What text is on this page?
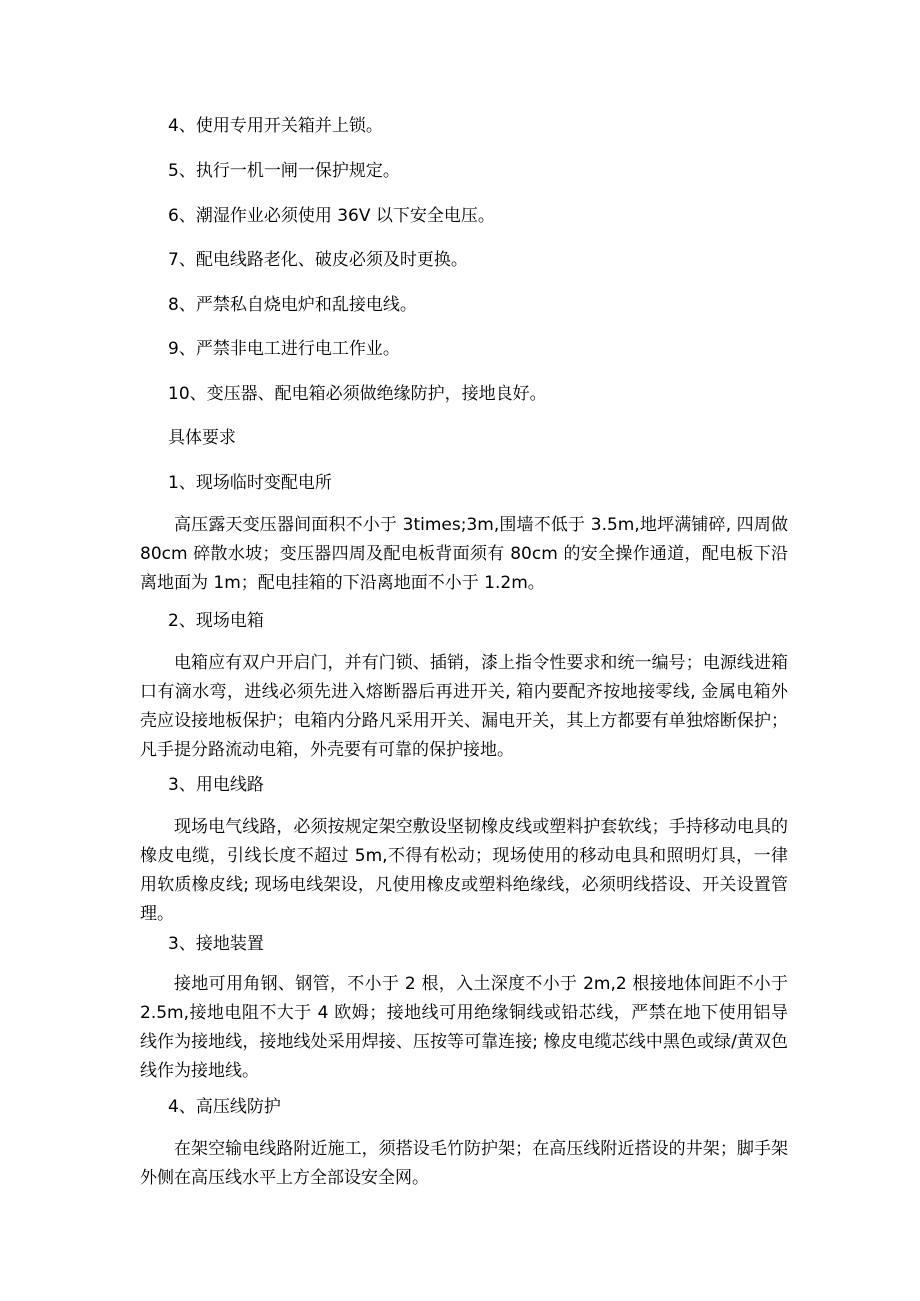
4、使用专用开关箱并上锁。
5、执行一机一闸一保护规定。
6、潮湿作业必须使用 36V 以下安全电压。
7、配电线路老化、破皮必须及时更换。
8、严禁私自烧电炉和乱接电线。
9、严禁非电工进行电工作业。
10、变压器、配电箱必须做绝缘防护，接地良好。
具体要求
1、现场临时变配电所
高压露天变压器间面积不小于 3times;3m,围墙不低于 3.5m,地坪满铺碎, 四周做 80cm 碎散水坡；变压器四周及配电板背面须有 80cm 的安全操作通道，配电板下沿离地面为 1m；配电挂箱的下沿离地面不小于 1.2m。
2、现场电箱
电箱应有双户开启门，并有门锁、插销，漆上指令性要求和统一编号；电源线进箱口有滴水弯，进线必须先进入熔断器后再进开关, 箱内要配齐按地接零线, 金属电箱外壳应设接地板保护；电箱内分路凡采用开关、漏电开关，其上方都要有单独熔断保护；凡手提分路流动电箱，外壳要有可靠的保护接地。
3、用电线路
现场电气线路，必须按规定架空敷设坚韧橡皮线或塑料护套软线；手持移动电具的橡皮电缆，引线长度不超过 5m,不得有松动；现场使用的移动电具和照明灯具，一律用软质橡皮线; 现场电线架设，凡使用橡皮或塑料绝缘线，必须明线搭设、开关设置管理。
3、接地装置
接地可用角钢、钢管，不小于 2 根，入土深度不小于 2m,2 根接地体间距不小于 2.5m,接地电阻不大于 4 欧姆；接地线可用绝缘铜线或铅芯线，严禁在地下使用铝导线作为接地线，接地线处采用焊接、压按等可靠连接; 橡皮电缆芯线中黑色或绿/黄双色线作为接地线。
4、高压线防护
在架空输电线路附近施工，须搭设毛竹防护架；在高压线附近搭设的井架；脚手架外侧在高压线水平上方全部设安全网。
